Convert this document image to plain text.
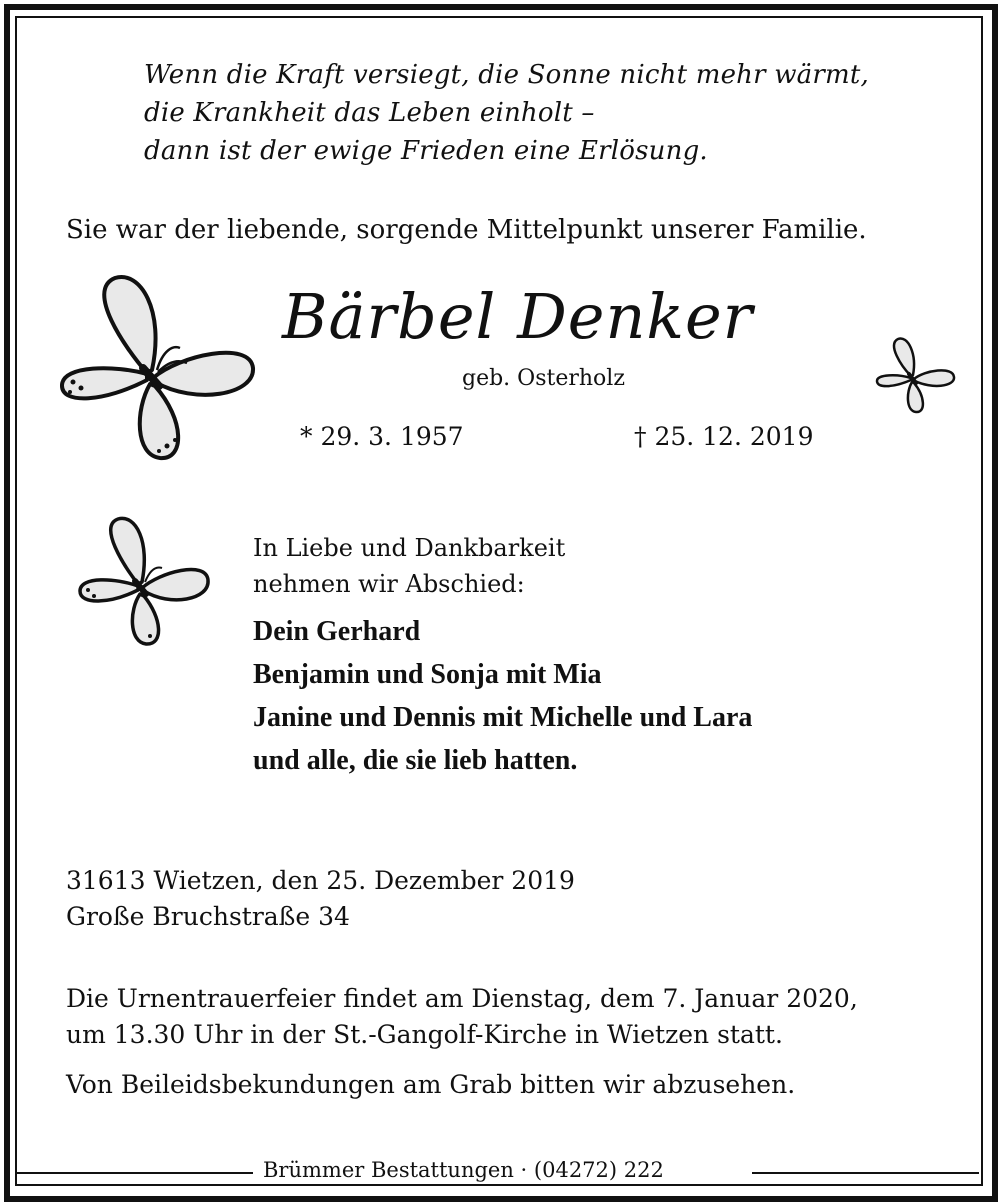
Wenn die Kraft versiegt, die Sonne nicht mehr wärmt,
die Krankheit das Leben einholt –
dann ist der ewige Frieden eine Erlösung.
Sie war der liebende, sorgende Mittelpunkt unserer Familie.
Bärbel Denker
geb. Osterholz
* 29. 3. 1957	† 25. 12. 2019
In Liebe und Dankbarkeit
nehmen wir Abschied:
Dein Gerhard
Benjamin und Sonja mit Mia
Janine und Dennis mit Michelle und Lara
und alle, die sie lieb hatten.
31613 Wietzen, den 25. Dezember 2019
Große Bruchstraße 34
Die Urnentrauerfeier findet am Dienstag, dem 7. Januar 2020,
um 13.30 Uhr in der St.-Gangolf-Kirche in Wietzen statt.
Von Beileidsbekundungen am Grab bitten wir abzusehen.
Brümmer Bestattungen · (04272) 222
